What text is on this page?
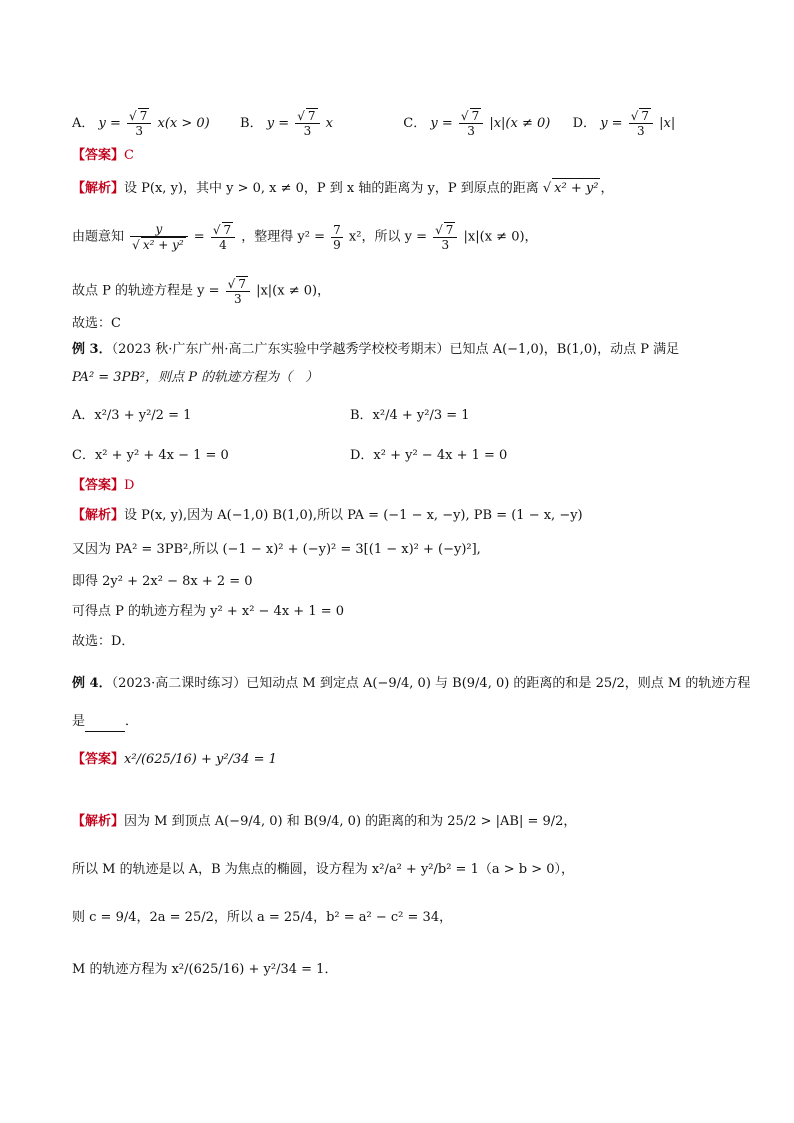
A． $y = \frac{√ 7}{3} x(x > 0)$ B． $y = \frac{√ 7}{3}$ x	C． $y = \frac{√ 7}{3} |x|(x \ne 0)$ D． $y = \frac{√ 7}{3} |x|$
【答案】C
【解析】设 P(x, y)，其中 y > 0, x ≠ 0，P 到 x 轴的距离为 y，P 到原点的距离 √ x² + y² ，
由题意知 $\frac{y}{\text{√ x² + y²}} = \frac{√ 7}{4}$ ，整理得 $y^2 = \frac{7}{9} x^2$，所以 $y = \frac{√ 7}{3} |x|(x \ne 0)$，
故点 P 的轨迹方程是 $y = \frac{√ 7}{3} |x|(x \ne 0)$，
故选：C
例 3．（2023 秋·广东广州·高二广东实验中学越秀学校校考期末）已知点 A(−1,0)，B(1,0)，动点 P 满足
PA² = 3PB²，则点 P 的轨迹方程为（　）
A．x²/3 + y²/2 = 1	B．x²/4 + y²/3 = 1
C．x² + y² + 4x − 1 = 0	D．x² + y² − 4x + 1 = 0
【答案】D
【解析】设 P(x, y),因为 A(−1,0) B(1,0),所以 PA = (−1 − x, −y), PB = (1 − x, −y)
又因为 PA² = 3PB²,所以 (−1 − x)² + (−y)² = 3[(1 − x)² + (−y)²],
即得 2y² + 2x² − 8x + 2 = 0
可得点 P 的轨迹方程为 y² + x² − 4x + 1 = 0
故选：D．
例 4．（2023·高二课时练习）已知动点 M 到定点 A(−9/4, 0) 与 B(9/4, 0) 的距离的和是 25/2，则点 M 的轨迹方程
是	．
【答案】x²/(625/16) + y²/34 = 1
【解析】因为 M 到顶点 A(−9/4, 0) 和 B(9/4, 0) 的距离的和为 25/2 > |AB| = 9/2，
所以 M 的轨迹是以 A，B 为焦点的椭圆，设方程为 x²/a² + y²/b² = 1（a > b > 0），
则 c = 9/4，2a = 25/2，所以 a = 25/4，b² = a² − c² = 34，
M 的轨迹方程为 x²/(625/16) + y²/34 = 1．
